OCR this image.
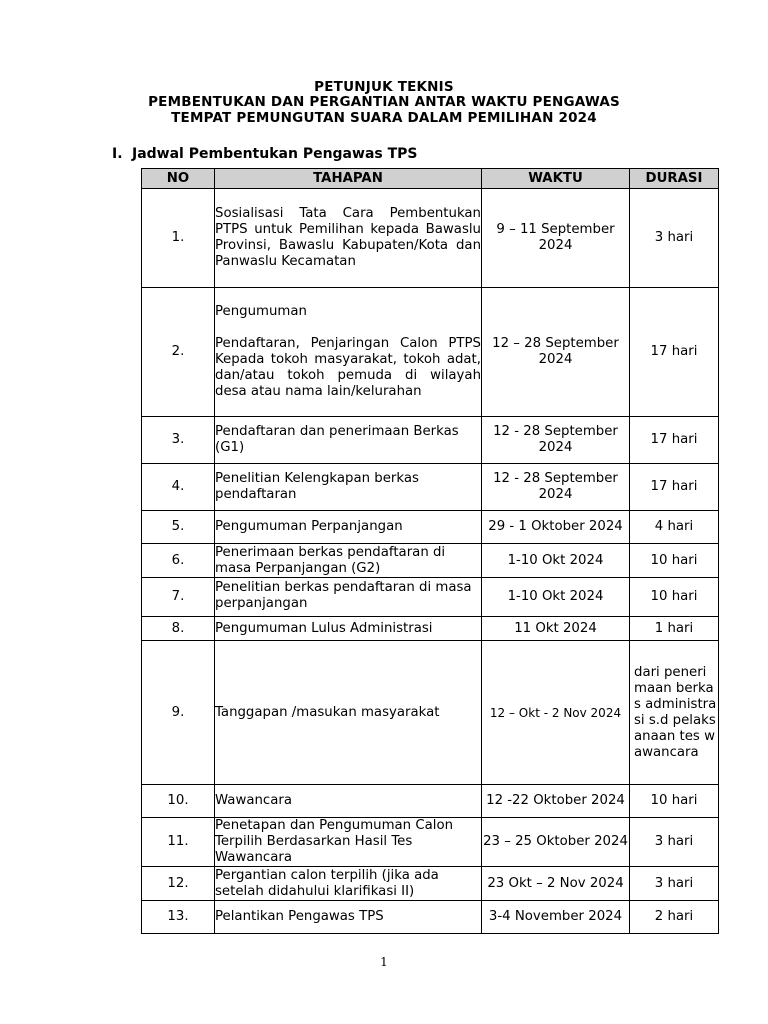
PETUNJUK TEKNIS
PEMBENTUKAN DAN PERGANTIAN ANTAR WAKTU PENGAWAS
TEMPAT PEMUNGUTAN SUARA DALAM PEMILIHAN 2024
I. Jadwal Pembentukan Pengawas TPS
NO	TAHAPAN	WAKTU	DURASI
1.	Sosialisasi Tata Cara Pembentukan PTPS untuk Pemilihan kepada Bawaslu Provinsi, Bawaslu Kabupaten/Kota dan Panwaslu Kecamatan	9 – 11 September 2024	3 hari
2.	Pengumuman
Pendaftaran, Penjaringan Calon PTPS Kepada tokoh masyarakat, tokoh adat, dan/atau tokoh pemuda di wilayah desa atau nama lain/kelurahan	12 – 28 September 2024	17 hari
3.	Pendaftaran dan penerimaan Berkas (G1)	12 - 28 September 2024	17 hari
4.	Penelitian Kelengkapan berkas pendaftaran	12 - 28 September 2024	17 hari
5.	Pengumuman Perpanjangan	29 - 1 Oktober 2024	4 hari
6.	Penerimaan berkas pendaftaran di masa Perpanjangan (G2)	1-10 Okt 2024	10 hari
7.	Penelitian berkas pendaftaran di masa perpanjangan	1-10 Okt 2024	10 hari
8.	Pengumuman Lulus Administrasi	11 Okt 2024	1 hari
9.	Tanggapan /masukan masyarakat	12 – Okt - 2 Nov 2024	dari penerimaan berkas administrasi s.d pelaksanaan tes wawancara
10.	Wawancara	12 -22 Oktober 2024	10 hari
11.	Penetapan dan Pengumuman Calon Terpilih Berdasarkan Hasil Tes Wawancara	23 – 25 Oktober 2024	3 hari
12.	Pergantian calon terpilih (jika ada setelah didahului klarifikasi II)	23 Okt – 2 Nov 2024	3 hari
13.	Pelantikan Pengawas TPS	3-4 November 2024	2 hari
1
